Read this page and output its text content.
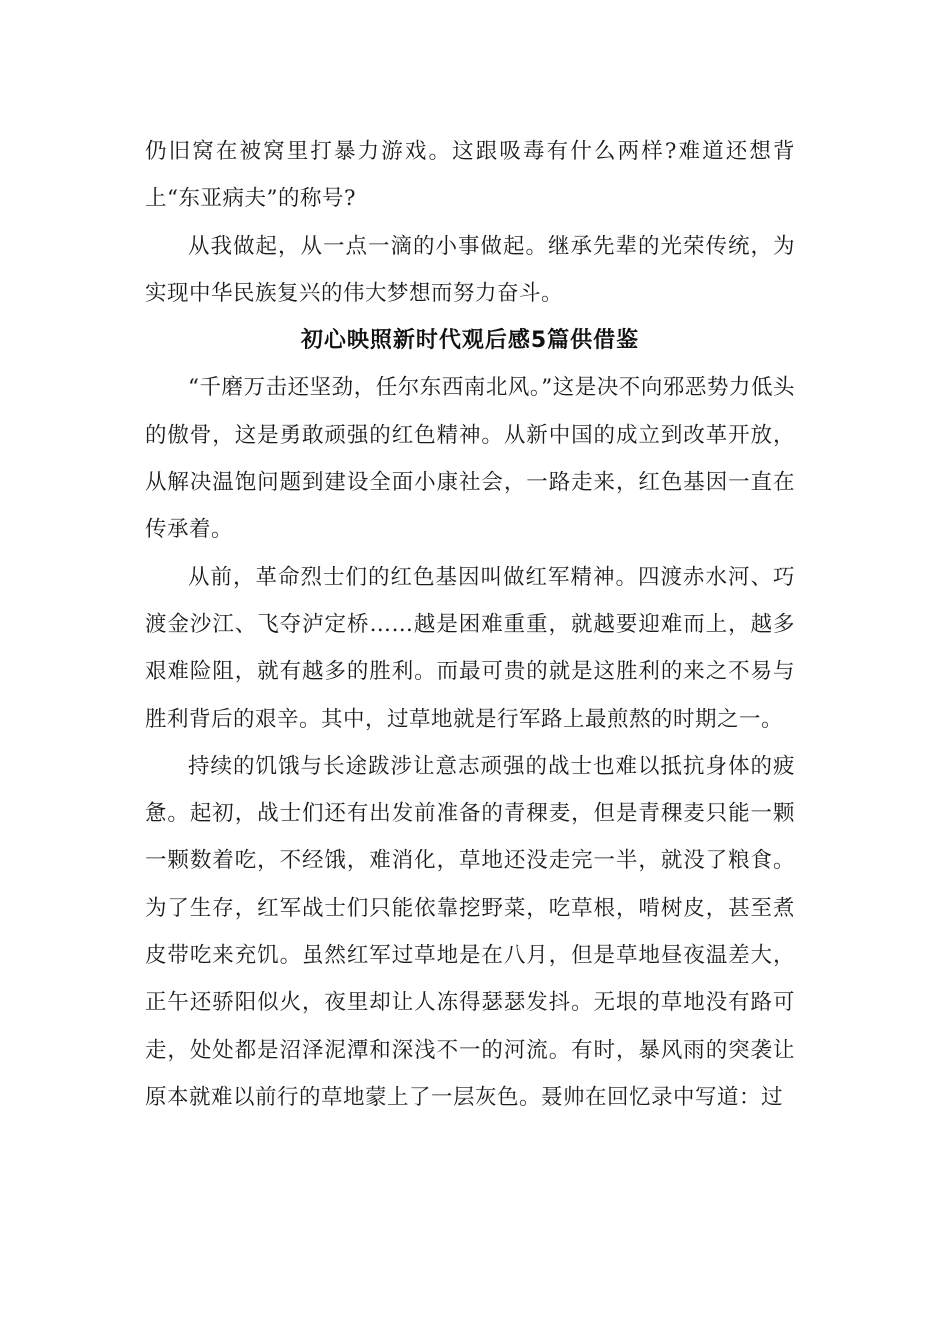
仍旧窝在被窝里打暴力游戏。这跟吸毒有什么两样?难道还想背上“东亚病夫”的称号?

从我做起，从一点一滴的小事做起。继承先辈的光荣传统，为实现中华民族复兴的伟大梦想而努力奋斗。

初心映照新时代观后感5篇供借鉴

“千磨万击还坚劲，任尔东西南北风。”这是决不向邪恶势力低头的傲骨，这是勇敢顽强的红色精神。从新中国的成立到改革开放，从解决温饱问题到建设全面小康社会，一路走来，红色基因一直在传承着。

从前，革命烈士们的红色基因叫做红军精神。四渡赤水河、巧渡金沙江、飞夺泸定桥……越是困难重重，就越要迎难而上，越多艰难险阻，就有越多的胜利。而最可贵的就是这胜利的来之不易与胜利背后的艰辛。其中，过草地就是行军路上最煎熬的时期之一。

持续的饥饿与长途跋涉让意志顽强的战士也难以抵抗身体的疲惫。起初，战士们还有出发前准备的青稞麦，但是青稞麦只能一颗一颗数着吃，不经饿，难消化，草地还没走完一半，就没了粮食。为了生存，红军战士们只能依靠挖野菜，吃草根，啃树皮，甚至煮皮带吃来充饥。虽然红军过草地是在八月，但是草地昼夜温差大，正午还骄阳似火，夜里却让人冻得瑟瑟发抖。无垠的草地没有路可走，处处都是沼泽泥潭和深浅不一的河流。有时，暴风雨的突袭让原本就难以前行的草地蒙上了一层灰色。聂帅在回忆录中写道：过
